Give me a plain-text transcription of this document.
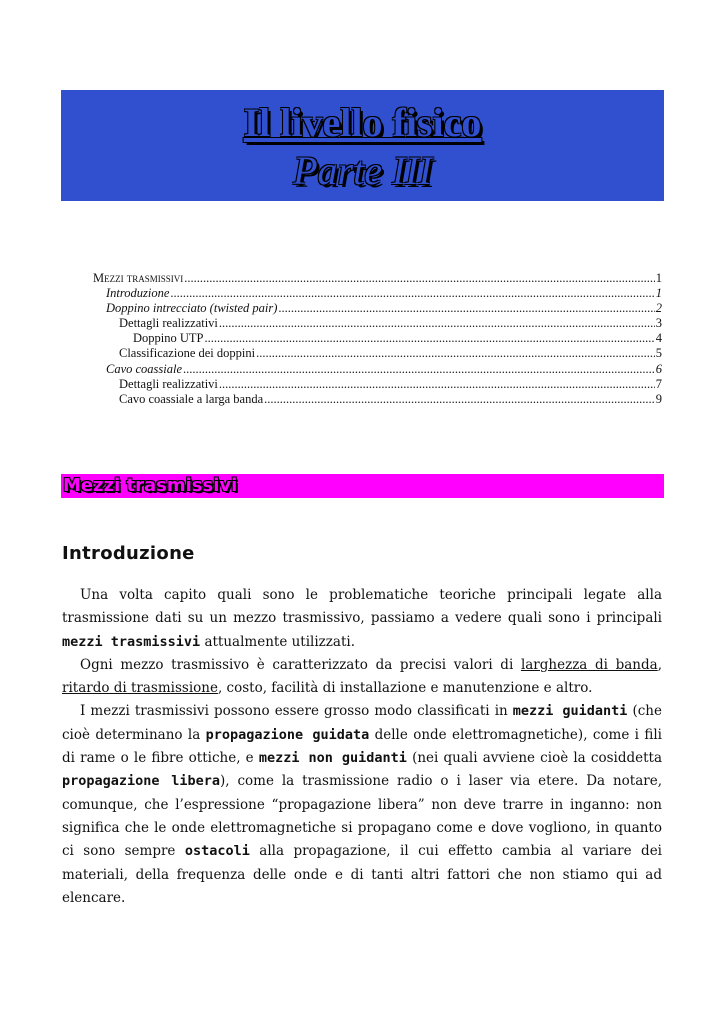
Il livello fisico
Parte III
Mezzi trasmissivi .....	1
Introduzione .....	1
Doppino intrecciato (twisted pair) .....	2
Dettagli realizzativi .....	3
Doppino UTP .....	4
Classificazione dei doppini .....	5
Cavo coassiale .....	6
Dettagli realizzativi .....	7
Cavo coassiale a larga banda .....	9
Mezzi trasmissivi
Introduzione

Una volta capito quali sono le problematiche teoriche principali legate alla trasmissione dati su un mezzo trasmissivo, passiamo a vedere quali sono i principali mezzi trasmissivi attualmente utilizzati.

Ogni mezzo trasmissivo è caratterizzato da precisi valori di larghezza di banda, ritardo di trasmissione, costo, facilità di installazione e manutenzione e altro.

I mezzi trasmissivi possono essere grosso modo classificati in mezzi guidanti (che cioè determinano la propagazione guidata delle onde elettromagnetiche), come i fili di rame o le fibre ottiche, e mezzi non guidanti (nei quali avviene cioè la cosiddetta propagazione libera), come la trasmissione radio o i laser via etere. Da notare, comunque, che l’espressione “propagazione libera” non deve trarre in inganno: non significa che le onde elettromagnetiche si propagano come e dove vogliono, in quanto ci sono sempre ostacoli alla propagazione, il cui effetto cambia al variare dei materiali, della frequenza delle onde e di tanti altri fattori che non stiamo qui ad elencare.
